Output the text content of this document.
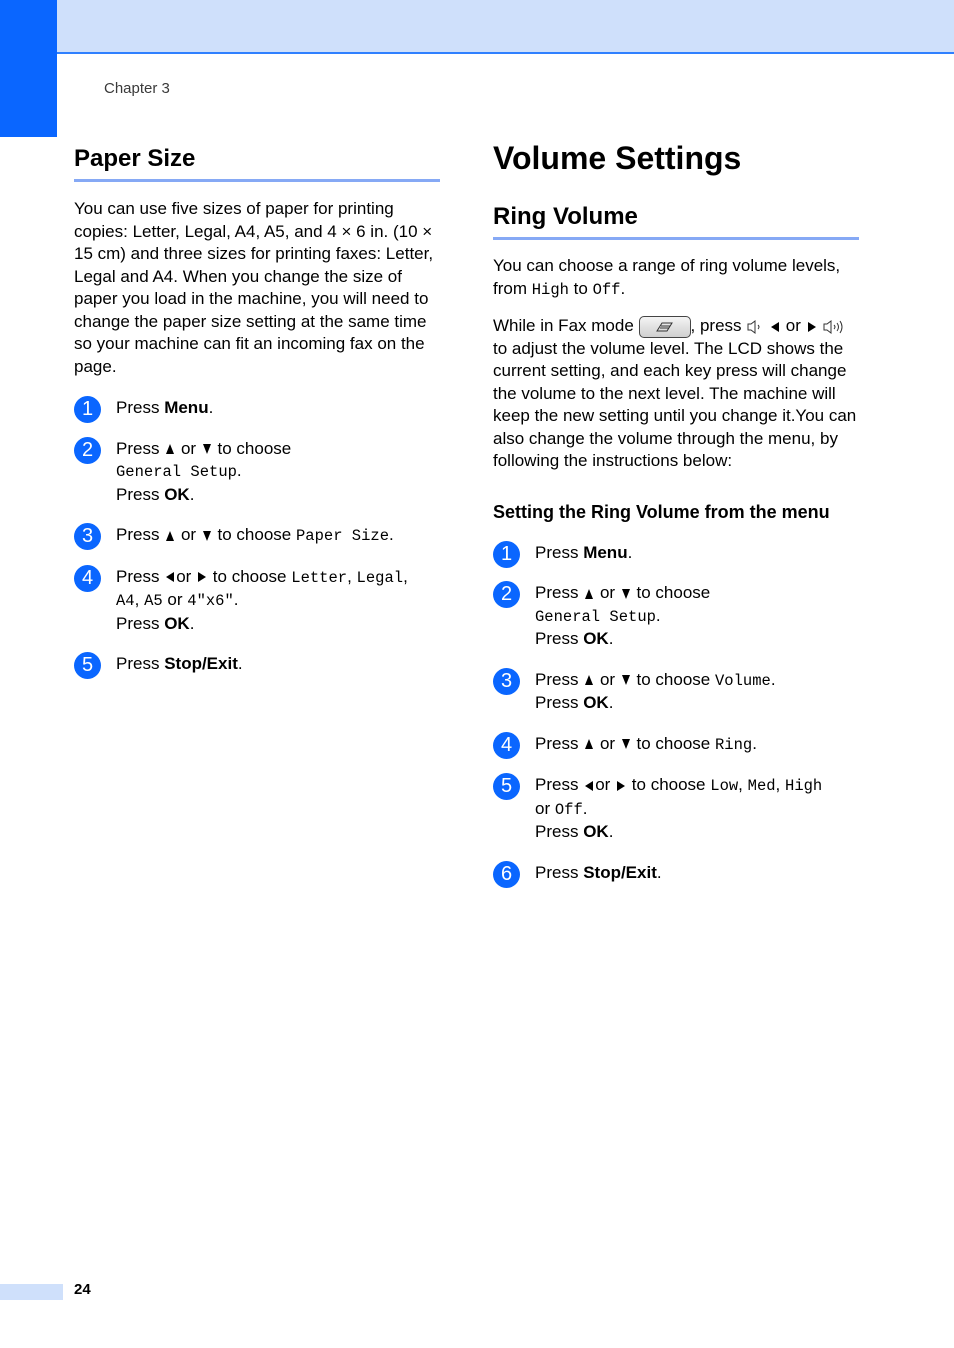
Chapter 3
Paper Size

You can use five sizes of paper for printing copies: Letter, Legal, A4, A5, and 4 × 6 in. (10 × 15 cm) and three sizes for printing faxes: Letter, Legal and A4. When you change the size of paper you load in the machine, you will need to change the paper size setting at the same time so your machine can fit an incoming fax on the page.

1	Press Menu.
2	Press or to choose
General Setup.
Press OK.
3	Press or to choose Paper Size.
4	Press or to choose Letter, Legal,
A4, A5 or 4"x6".
Press OK.
5	Press Stop/Exit.
Volume Settings
Ring Volume

You can choose a range of ring volume levels, from High to Off.

While in Fax mode	, press	or   to adjust the volume level. The LCD shows the current setting, and each key press will change the volume to the next level. The machine will keep the new setting until you change it.You can also change the volume through the menu, by following the instructions below:

Setting the Ring Volume from the menu
1	Press Menu.
2	Press or to choose
General Setup.
Press OK.
3	Press or to choose Volume.
Press OK.
4	Press or to choose Ring.
5	Press or to choose Low, Med, High
or Off.
Press OK.
6	Press Stop/Exit.
24
